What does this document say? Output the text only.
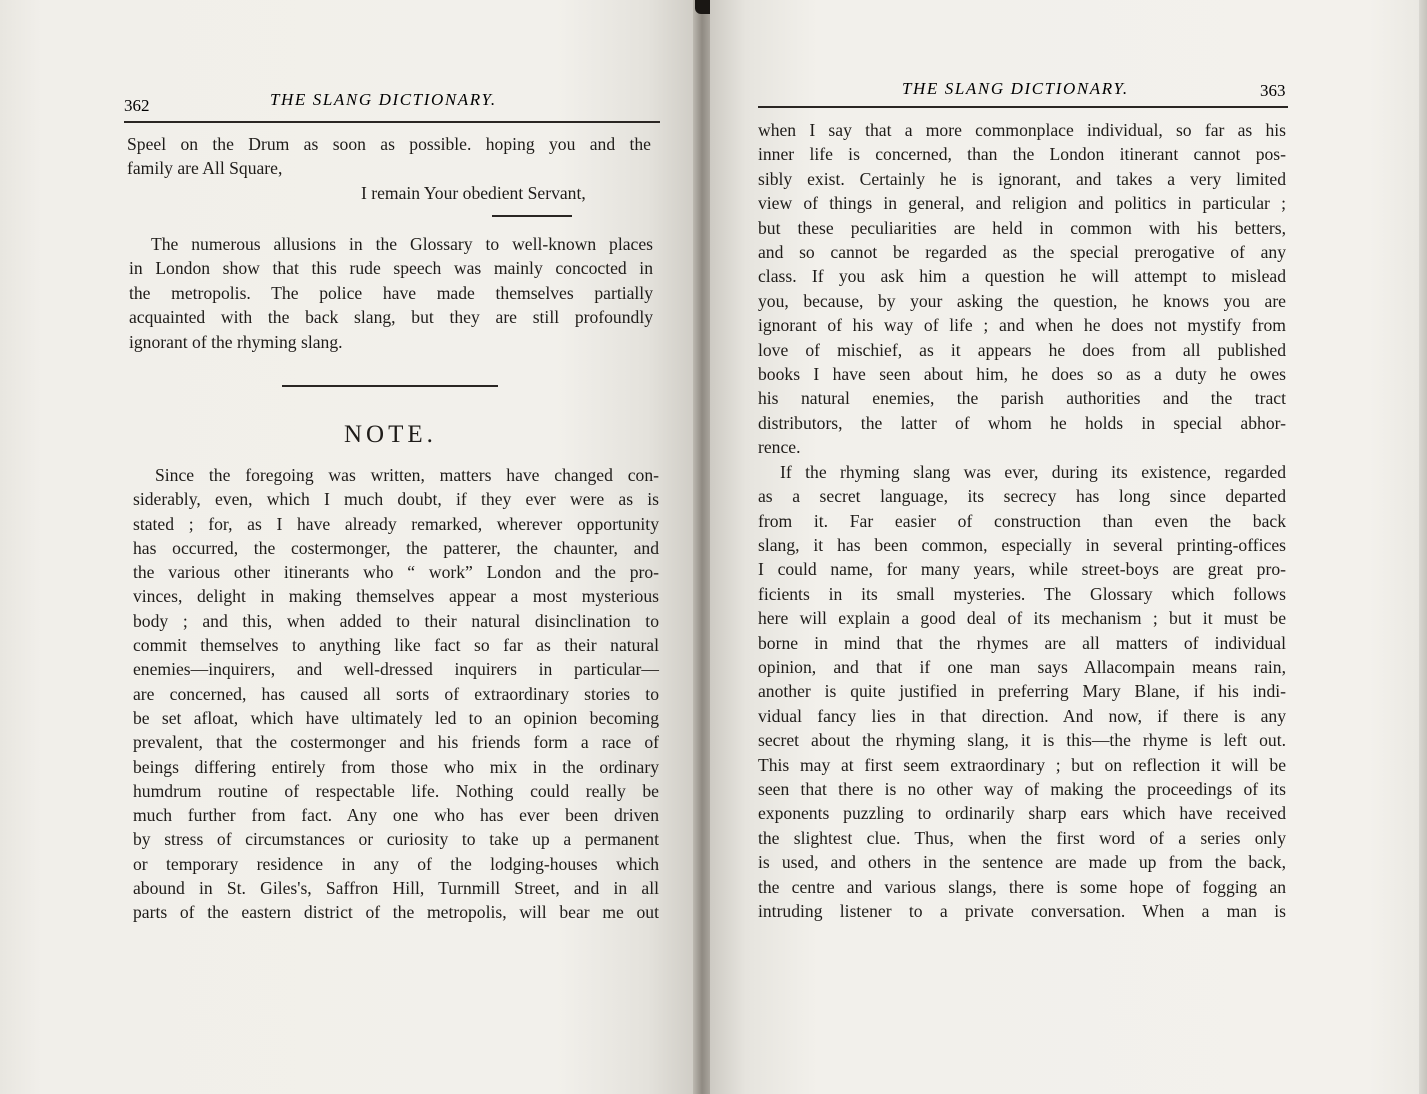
362	THE SLANG DICTIONARY.
Speel on the Drum as soon as possible. hoping you and the
family are All Square,
I remain Your obedient Servant,
The numerous allusions in the Glossary to well-known places
in London show that this rude speech was mainly concocted in
the metropolis. The police have made themselves partially
acquainted with the back slang, but they are still profoundly
ignorant of the rhyming slang.
NOTE.
Since the foregoing was written, matters have changed con-
siderably, even, which I much doubt, if they ever were as is
stated ; for, as I have already remarked, wherever opportunity
has occurred, the costermonger, the patterer, the chaunter, and
the various other itinerants who “ work” London and the pro-
vinces, delight in making themselves appear a most mysterious
body ; and this, when added to their natural disinclination to
commit themselves to anything like fact so far as their natural
enemies—inquirers, and well-dressed inquirers in particular—
are concerned, has caused all sorts of extraordinary stories to
be set afloat, which have ultimately led to an opinion becoming
prevalent, that the costermonger and his friends form a race of
beings differing entirely from those who mix in the ordinary
humdrum routine of respectable life. Nothing could really be
much further from fact. Any one who has ever been driven
by stress of circumstances or curiosity to take up a permanent
or temporary residence in any of the lodging-houses which
abound in St. Giles's, Saffron Hill, Turnmill Street, and in all
parts of the eastern district of the metropolis, will bear me out
THE SLANG DICTIONARY.	363
when I say that a more commonplace individual, so far as his
inner life is concerned, than the London itinerant cannot pos-
sibly exist. Certainly he is ignorant, and takes a very limited
view of things in general, and religion and politics in particular ;
but these peculiarities are held in common with his betters,
and so cannot be regarded as the special prerogative of any
class. If you ask him a question he will attempt to mislead
you, because, by your asking the question, he knows you are
ignorant of his way of life ; and when he does not mystify from
love of mischief, as it appears he does from all published
books I have seen about him, he does so as a duty he owes
his natural enemies, the parish authorities and the tract
distributors, the latter of whom he holds in special abhor-
rence.
If the rhyming slang was ever, during its existence, regarded
as a secret language, its secrecy has long since departed
from it. Far easier of construction than even the back
slang, it has been common, especially in several printing-offices
I could name, for many years, while street-boys are great pro-
ficients in its small mysteries. The Glossary which follows
here will explain a good deal of its mechanism ; but it must be
borne in mind that the rhymes are all matters of individual
opinion, and that if one man says Allacompain means rain,
another is quite justified in preferring Mary Blane, if his indi-
vidual fancy lies in that direction. And now, if there is any
secret about the rhyming slang, it is this—the rhyme is left out.
This may at first seem extraordinary ; but on reflection it will be
seen that there is no other way of making the proceedings of its
exponents puzzling to ordinarily sharp ears which have received
the slightest clue. Thus, when the first word of a series only
is used, and others in the sentence are made up from the back,
the centre and various slangs, there is some hope of fogging an
intruding listener to a private conversation. When a man is
